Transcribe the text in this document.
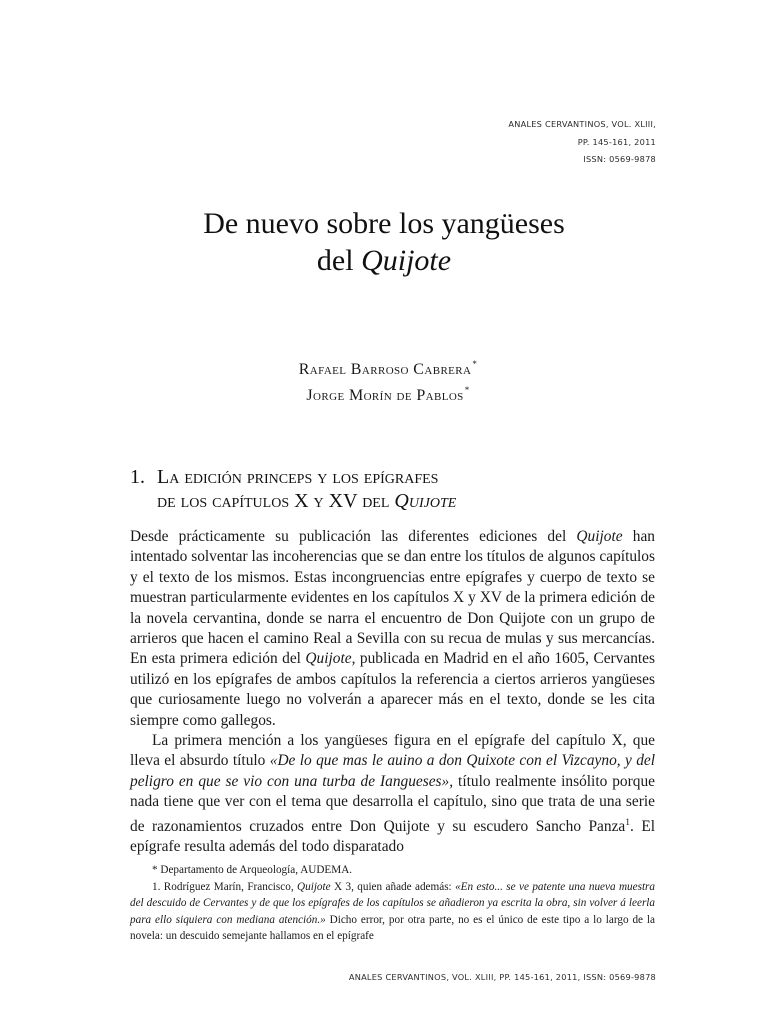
ANALES CERVANTINOS, VOL. XLIII,
PP. 145-161, 2011
ISSN: 0569-9878
De nuevo sobre los yangüeses
del Quijote
Rafael Barroso Cabrera*
Jorge Morín de Pablos*
1. La edición princeps y los epígrafes
de los capítulos X y XV del Quijote

Desde prácticamente su publicación las diferentes ediciones del Quijote han intentado solventar las incoherencias que se dan entre los títulos de algunos capítulos y el texto de los mismos. Estas incongruencias entre epígrafes y cuerpo de texto se muestran particularmente evidentes en los capítulos X y XV de la primera edición de la novela cervantina, donde se narra el encuentro de Don Quijote con un grupo de arrieros que hacen el camino Real a Sevilla con su recua de mulas y sus mercancías. En esta primera edición del Quijote, publicada en Madrid en el año 1605, Cervantes utilizó en los epígrafes de ambos capítulos la referencia a ciertos arrieros yangüeses que curiosamente luego no volverán a aparecer más en el texto, donde se les cita siempre como gallegos.

La primera mención a los yangüeses figura en el epígrafe del capítulo X, que lleva el absurdo título «De lo que mas le auino a don Quixote con el Vizcayno, y del peligro en que se vio con una turba de Iangueses», título realmente insólito porque nada tiene que ver con el tema que desarrolla el capítulo, sino que trata de una serie de razonamientos cruzados entre Don Quijote y su escudero Sancho Panza$^1$. El epígrafe resulta además del todo disparatado

* Departamento de Arqueología, AUDEMA.

1. Rodríguez Marín, Francisco, Quijote X 3, quien añade además: «En esto... se ve patente una nueva muestra del descuido de Cervantes y de que los epígrafes de los capítulos se añadieron ya escrita la obra, sin volver á leerla para ello siquiera con mediana atención.» Dicho error, por otra parte, no es el único de este tipo a lo largo de la novela: un descuido semejante hallamos en el epígrafe

ANALES CERVANTINOS, VOL. XLIII, PP. 145-161, 2011, ISSN: 0569-9878
